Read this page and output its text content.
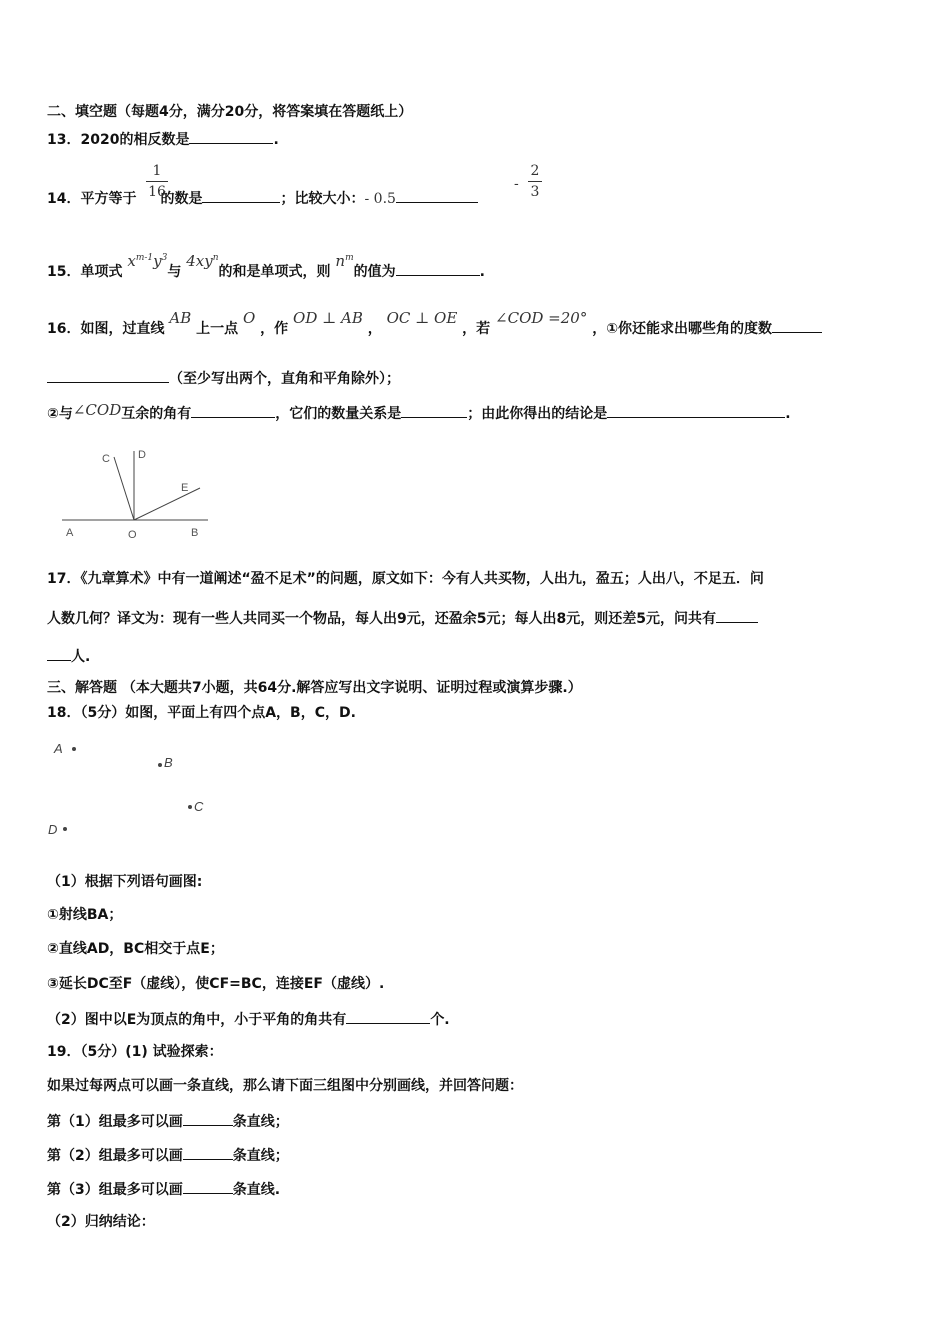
二、填空题（每题4分，满分20分，将答案填在答题纸上）
13．2020的相反数是	.
14．平方等于 的数是	；比较大小：- 0.5
1
16	-
2
3
15．单项式 $x^{m-1}y^3$与 $4xy^n$的和是单项式，则 $n^m$的值为	.
16．如图，过直线 AB 上一点 O ，作 OD ⊥ AB ， OC ⊥ OE ，若 ∠COD =20° ，①你还能求出哪些角的度数
（至少写出两个，直角和平角除外）；
②与∠COD互余的角有	，它们的数量关系是	；由此你得出的结论是	.
C	D
E
A	O	B
17．《九章算术》中有一道阐述“盈不足术”的问题，原文如下：今有人共买物，人出九，盈五；人出八，不足五．问
人数几何？译文为：现有一些人共同买一个物品，每人出9元，还盈余5元；每人出8元，则还差5元，问共有
人.
三、解答题 （本大题共7小题，共64分.解答应写出文字说明、证明过程或演算步骤.）
18．（5分）如图，平面上有四个点A，B，C，D.
A
B
C
D
（1）根据下列语句画图:
①射线BA；
②直线AD，BC相交于点E；
③延长DC至F（虚线），使CF=BC，连接EF（虚线）.
（2）图中以E为顶点的角中，小于平角的角共有	个.
19．（5分）(1) 试验探索：
如果过每两点可以画一条直线，那么请下面三组图中分别画线，并回答问题：
第（1）组最多可以画	条直线；
第（2）组最多可以画	条直线；
第（3）组最多可以画	条直线.
（2）归纳结论：
